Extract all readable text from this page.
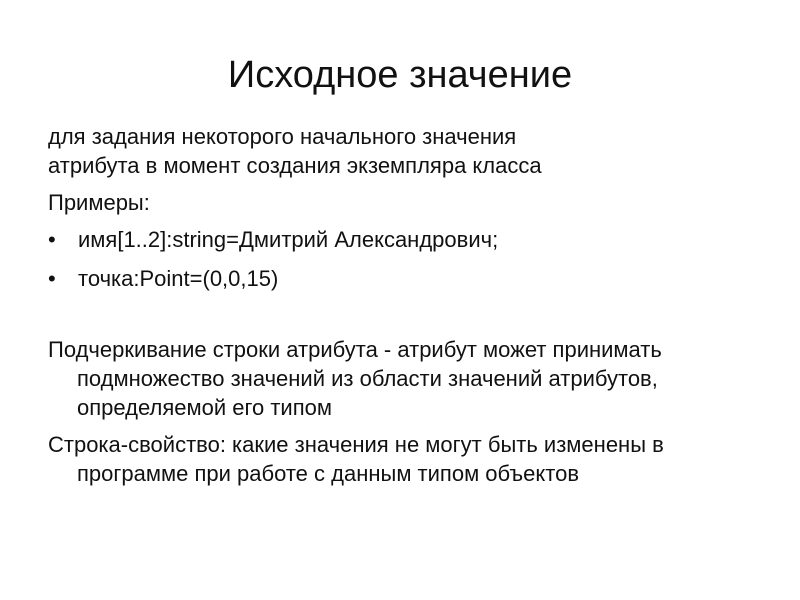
Исходное значение

для задания некоторого начального значения
атрибута в момент создания экземпляра класса

Примеры:

• имя[1..2]:string=Дмитрий Александрович;
• точка:Point=(0,0,15)

Подчеркивание строки атрибута - атрибут может принимать подмножество значений из области значений атрибутов, определяемой его типом

Строка-свойство: какие значения не могут быть изменены в программе при работе с данным типом объектов
